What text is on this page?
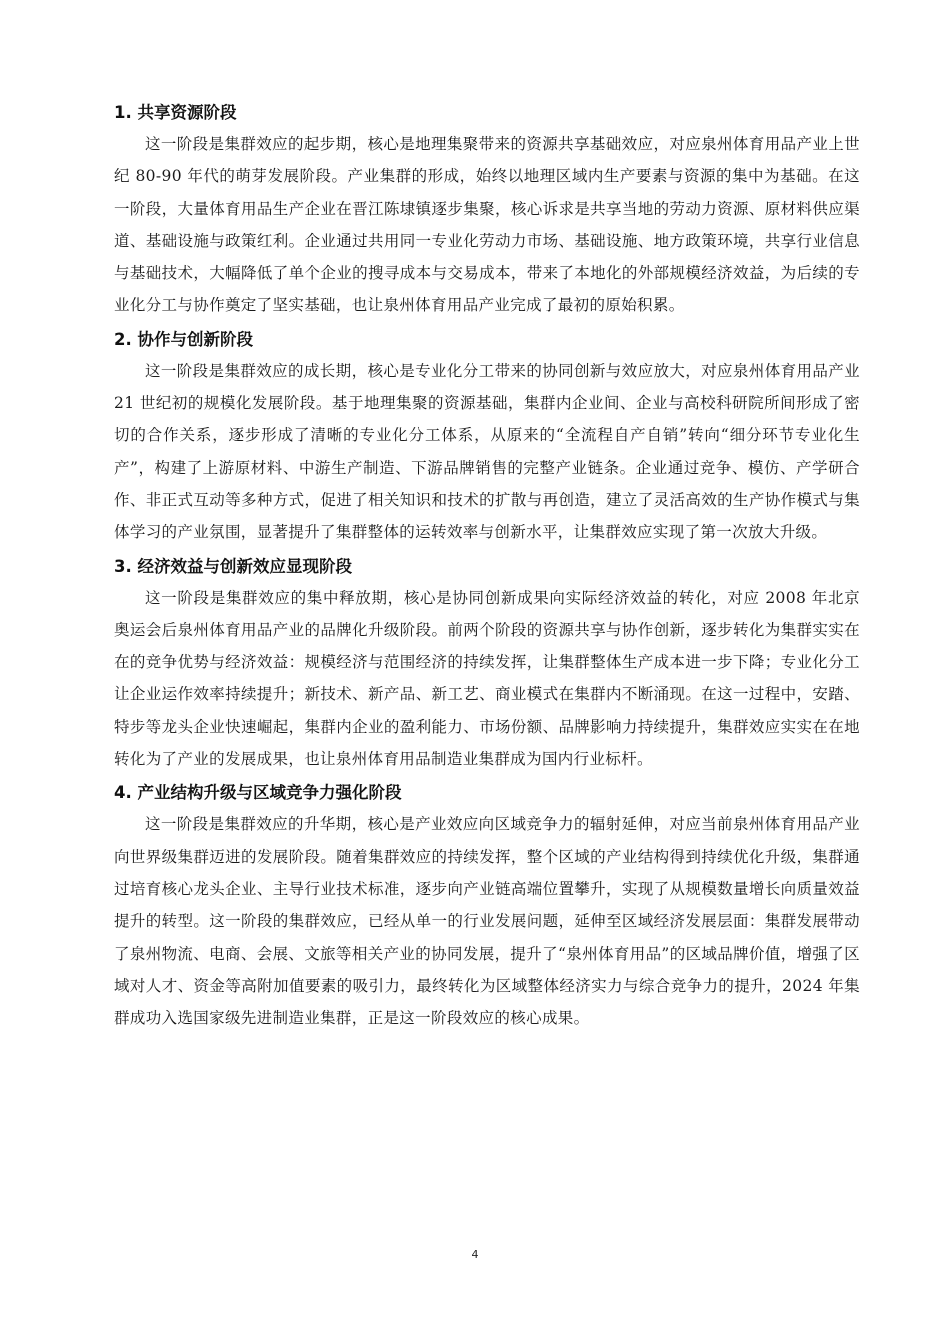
1. 共享资源阶段

这一阶段是集群效应的起步期，核心是地理集聚带来的资源共享基础效应，对应泉州体育用品产业上世纪 80-90 年代的萌芽发展阶段。产业集群的形成，始终以地理区域内生产要素与资源的集中为基础。在这一阶段，大量体育用品生产企业在晋江陈埭镇逐步集聚，核心诉求是共享当地的劳动力资源、原材料供应渠道、基础设施与政策红利。企业通过共用同一专业化劳动力市场、基础设施、地方政策环境，共享行业信息与基础技术，大幅降低了单个企业的搜寻成本与交易成本，带来了本地化的外部规模经济效益，为后续的专业化分工与协作奠定了坚实基础，也让泉州体育用品产业完成了最初的原始积累。

2. 协作与创新阶段

这一阶段是集群效应的成长期，核心是专业化分工带来的协同创新与效应放大，对应泉州体育用品产业 21 世纪初的规模化发展阶段。基于地理集聚的资源基础，集群内企业间、企业与高校科研院所间形成了密切的合作关系，逐步形成了清晰的专业化分工体系，从原来的“全流程自产自销”转向“细分环节专业化生产”，构建了上游原材料、中游生产制造、下游品牌销售的完整产业链条。企业通过竞争、模仿、产学研合作、非正式互动等多种方式，促进了相关知识和技术的扩散与再创造，建立了灵活高效的生产协作模式与集体学习的产业氛围，显著提升了集群整体的运转效率与创新水平，让集群效应实现了第一次放大升级。

3. 经济效益与创新效应显现阶段

这一阶段是集群效应的集中释放期，核心是协同创新成果向实际经济效益的转化，对应 2008 年北京奥运会后泉州体育用品产业的品牌化升级阶段。前两个阶段的资源共享与协作创新，逐步转化为集群实实在在的竞争优势与经济效益：规模经济与范围经济的持续发挥，让集群整体生产成本进一步下降；专业化分工让企业运作效率持续提升；新技术、新产品、新工艺、商业模式在集群内不断涌现。在这一过程中，安踏、特步等龙头企业快速崛起，集群内企业的盈利能力、市场份额、品牌影响力持续提升，集群效应实实在在地转化为了产业的发展成果，也让泉州体育用品制造业集群成为国内行业标杆。

4. 产业结构升级与区域竞争力强化阶段

这一阶段是集群效应的升华期，核心是产业效应向区域竞争力的辐射延伸，对应当前泉州体育用品产业向世界级集群迈进的发展阶段。随着集群效应的持续发挥，整个区域的产业结构得到持续优化升级，集群通过培育核心龙头企业、主导行业技术标准，逐步向产业链高端位置攀升，实现了从规模数量增长向质量效益提升的转型。这一阶段的集群效应，已经从单一的行业发展问题，延伸至区域经济发展层面：集群发展带动了泉州物流、电商、会展、文旅等相关产业的协同发展，提升了“泉州体育用品”的区域品牌价值，增强了区域对人才、资金等高附加值要素的吸引力，最终转化为区域整体经济实力与综合竞争力的提升，2024 年集群成功入选国家级先进制造业集群，正是这一阶段效应的核心成果。

4
